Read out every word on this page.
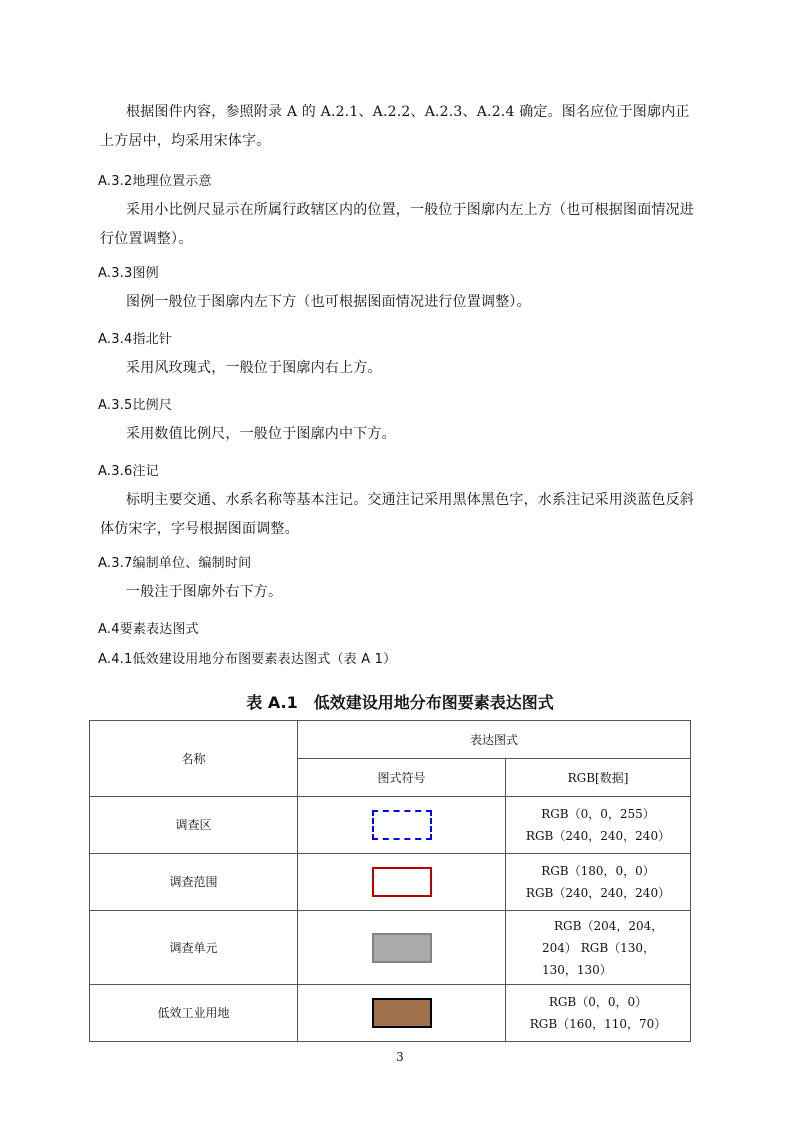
根据图件内容，参照附录 A 的 A.2.1、A.2.2、A.2.3、A.2.4 确定。图名应位于图廓内正上方居中，均采用宋体字。

A.3.2地理位置示意

采用小比例尺显示在所属行政辖区内的位置，一般位于图廓内左上方（也可根据图面情况进行位置调整）。

A.3.3图例

图例一般位于图廓内左下方（也可根据图面情况进行位置调整）。

A.3.4指北针

采用风玫瑰式，一般位于图廓内右上方。

A.3.5比例尺

采用数值比例尺，一般位于图廓内中下方。

A.3.6注记

标明主要交通、水系名称等基本注记。交通注记采用黑体黑色字，水系注记采用淡蓝色反斜体仿宋字，字号根据图面调整。

A.3.7编制单位、编制时间

一般注于图廓外右下方。

A.4要素表达图式

A.4.1低效建设用地分布图要素表达图式（表 A 1）

表 A.1　低效建设用地分布图要素表达图式

名称	表达图式	
	图式符号	RGB[数据]
调查区		RGB（0，0，255）
RGB（240，240，240）

调查范围		RGB（180，0，0）
RGB（240，240，240）

调查单元		RGB（204，204，
204） RGB（130，
130，130）

低效工业用地		RGB（0，0，0）
RGB（160，110，70）

3
